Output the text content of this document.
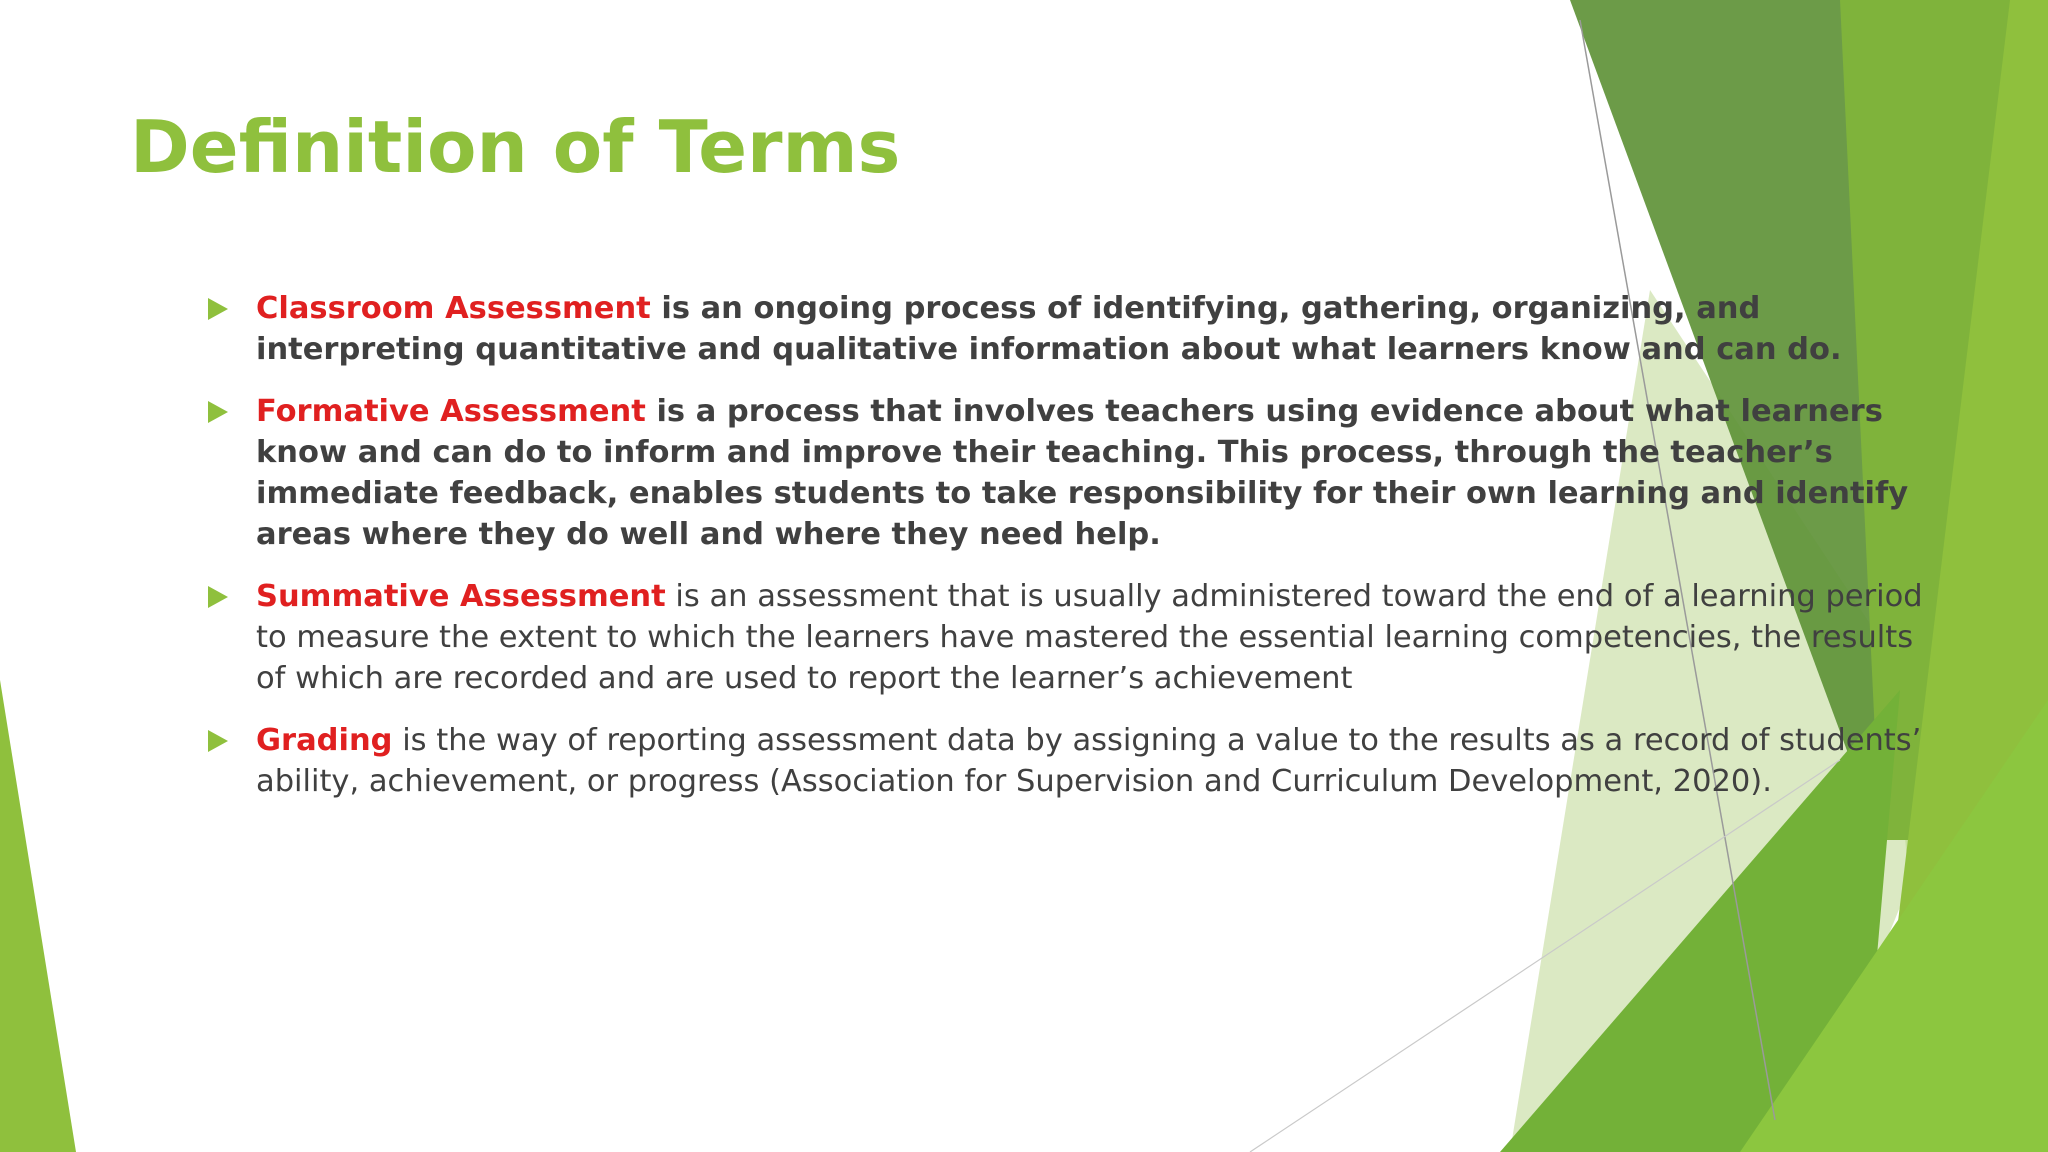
Definition of Terms
Classroom Assessment is an ongoing process of identifying, gathering, organizing, and interpreting quantitative and qualitative information about what learners know and can do.
Formative Assessment is a process that involves teachers using evidence about what learners know and can do to inform and improve their teaching. This process, through the teacher’s immediate feedback, enables students to take responsibility for their own learning and identify areas where they do well and where they need help.
Summative Assessment is an assessment that is usually administered toward the end of a learning period to measure the extent to which the learners have mastered the essential learning competencies, the results of which are recorded and are used to report the learner’s achievement
Grading is the way of reporting assessment data by assigning a value to the results as a record of students’ ability, achievement, or progress (Association for Supervision and Curriculum Development, 2020).
